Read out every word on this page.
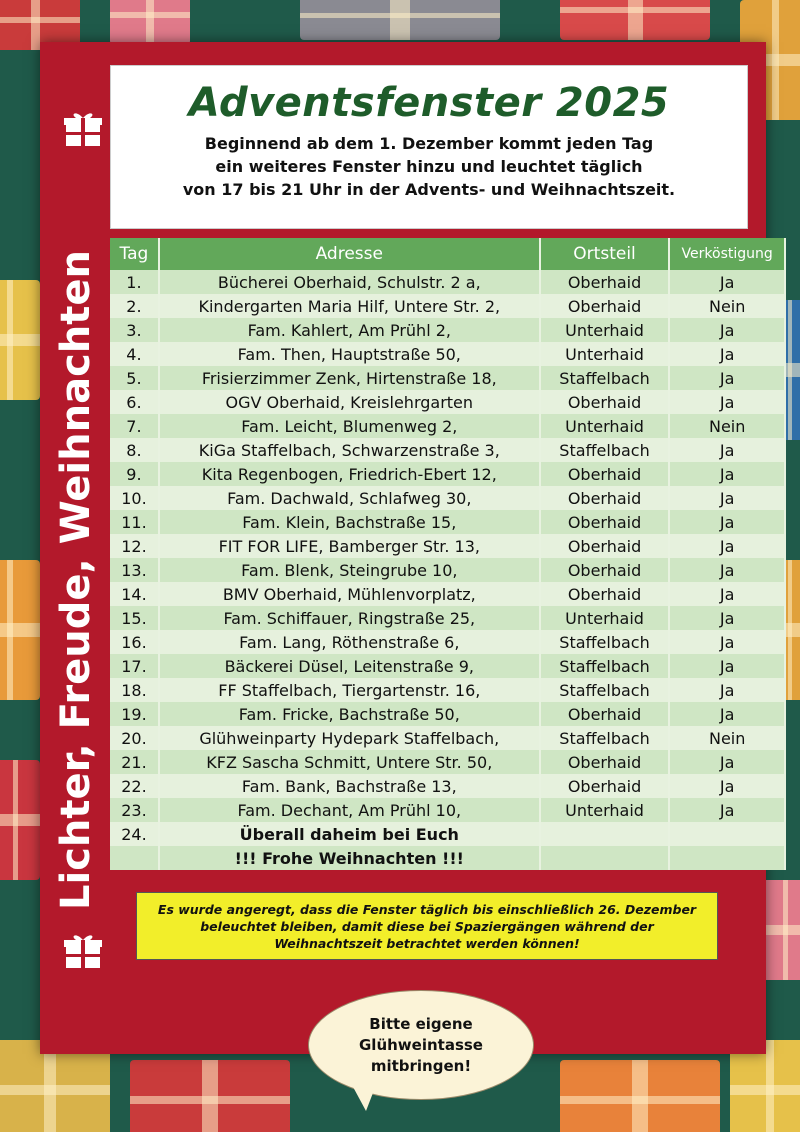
Lichter, Freude, Weihnachten
Adventsfenster 2025
Beginnend ab dem 1. Dezember kommt jeden Tag
ein weiteres Fenster hinzu und leuchtet täglich
von 17 bis 21 Uhr in der Advents- und Weihnachtszeit.
Tag	Adresse	Ortsteil	Verköstigung
1.	Bücherei Oberhaid, Schulstr. 2 a,	Oberhaid	Ja
2.	Kindergarten Maria Hilf, Untere Str. 2,	Oberhaid	Nein
3.	Fam. Kahlert, Am Prühl 2,	Unterhaid	Ja
4.	Fam. Then, Hauptstraße 50,	Unterhaid	Ja
5.	Frisierzimmer Zenk, Hirtenstraße 18,	Staffelbach	Ja
6.	OGV Oberhaid, Kreislehrgarten	Oberhaid	Ja
7.	Fam. Leicht, Blumenweg 2,	Unterhaid	Nein
8.	KiGa Staffelbach, Schwarzenstraße 3,	Staffelbach	Ja
9.	Kita Regenbogen, Friedrich-Ebert 12,	Oberhaid	Ja
10.	Fam. Dachwald, Schlafweg 30,	Oberhaid	Ja
11.	Fam. Klein, Bachstraße 15,	Oberhaid	Ja
12.	FIT FOR LIFE, Bamberger Str. 13,	Oberhaid	Ja
13.	Fam. Blenk, Steingrube 10,	Oberhaid	Ja
14.	BMV Oberhaid, Mühlenvorplatz,	Oberhaid	Ja
15.	Fam. Schiffauer, Ringstraße 25,	Unterhaid	Ja
16.	Fam. Lang, Röthenstraße 6,	Staffelbach	Ja
17.	Bäckerei Düsel, Leitenstraße 9,	Staffelbach	Ja
18.	FF Staffelbach, Tiergartenstr. 16,	Staffelbach	Ja
19.	Fam. Fricke, Bachstraße 50,	Oberhaid	Ja
20.	Glühweinparty Hydepark Staffelbach,	Staffelbach	Nein
21.	KFZ Sascha Schmitt, Untere Str. 50,	Oberhaid	Ja
22.	Fam. Bank, Bachstraße 13,	Oberhaid	Ja
23.	Fam. Dechant, Am Prühl 10,	Unterhaid	Ja
24.	Überall daheim bei Euch
!!! Frohe Weihnachten !!!
Es wurde angeregt, dass die Fenster täglich bis einschließlich 26. Dezember
beleuchtet bleiben, damit diese bei Spaziergängen während der
Weihnachtszeit betrachtet werden können!
Bitte eigene
Glühweintasse
mitbringen!
